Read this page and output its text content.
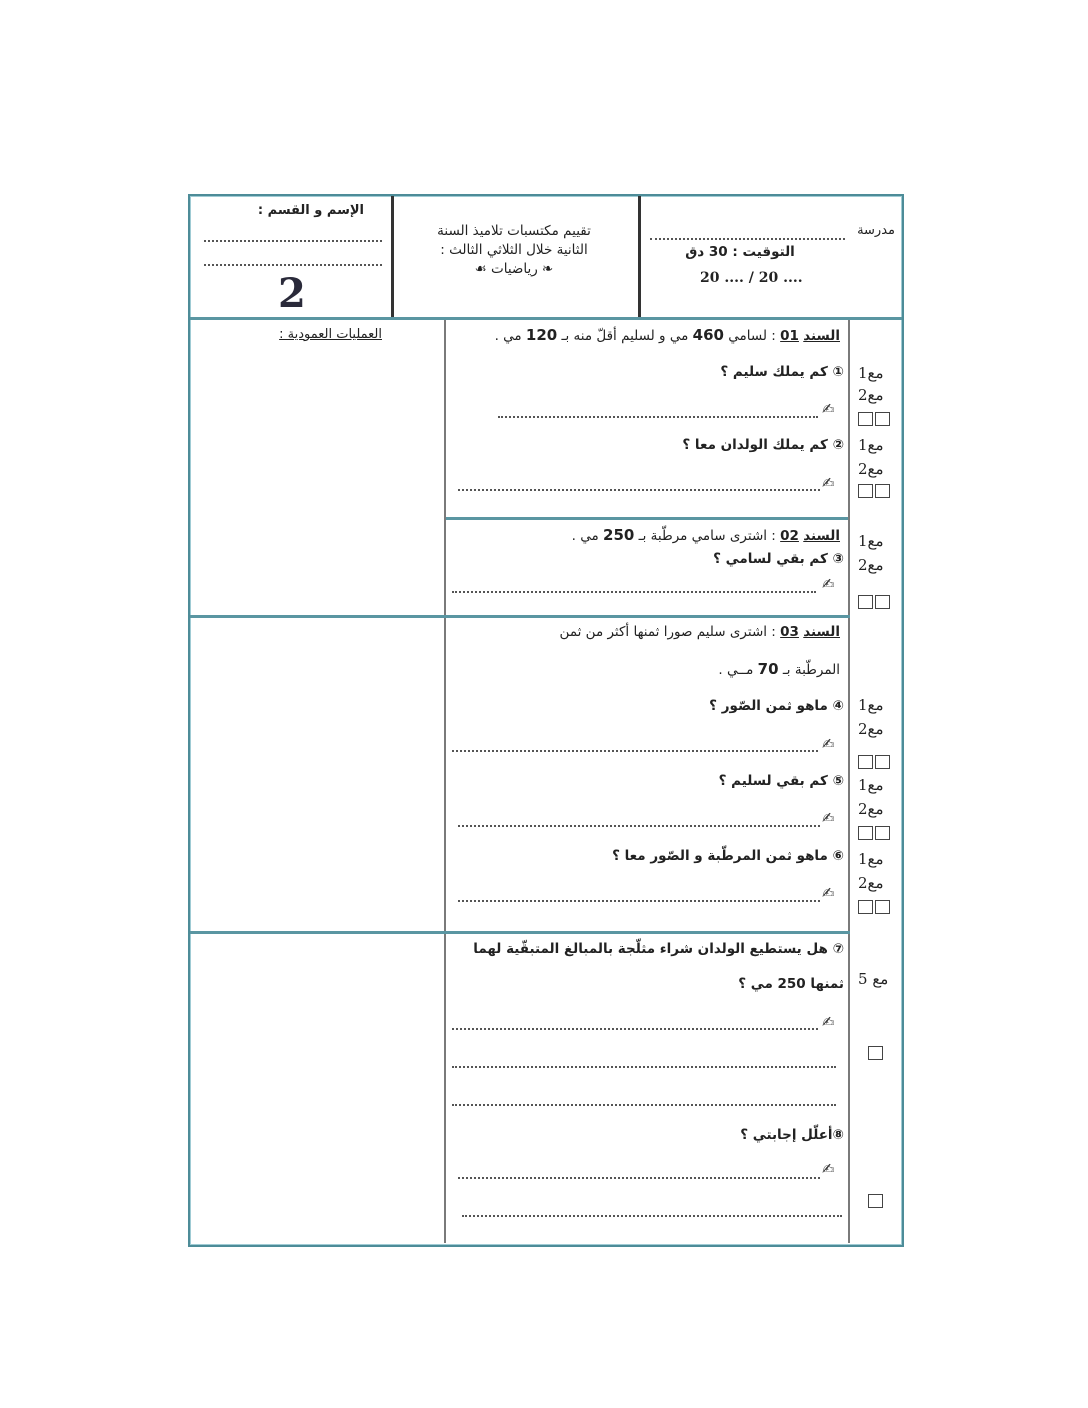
الإسم و القسم :
2
تقييم مكتسبات تلاميذ السنة
الثانية خلال الثلاثي الثالث :
❧ رياضيات ☙
مدرسة
التوقيت : 30 دق
20 .... / 20 ....
العمليات العمودية :	السند 01 : لسامي 460 مي و لسليم أقلّ منه بـ 120 مي .
① كم يملك سليم ؟
✍
مع1
مع2
② كم يملك الولدان معا ؟
✍
مع1
مع2
السند 02 : اشترى سامي مرطّبة بـ 250 مي .
③ كم بقي لسامي ؟
✍
مع1
مع2
السند 03 : اشترى سليم صورا ثمنها أكثر من ثمن
المرطّبة بـ 70 مــي .
④ ماهو ثمن الصّور ؟
✍
مع1
مع2
⑤ كم بقي لسليم ؟
✍
مع1
مع2
⑥ ماهو ثمن المرطّبة و الصّور معا ؟
✍
مع1
مع2
⑦ هل يستطيع الولدان شراء مثلّجة بالمبالغ المتبقّية لهما
ثمنها 250 مي ؟ مع 5
✍
⑧أعلّل إجابتي ؟
✍
